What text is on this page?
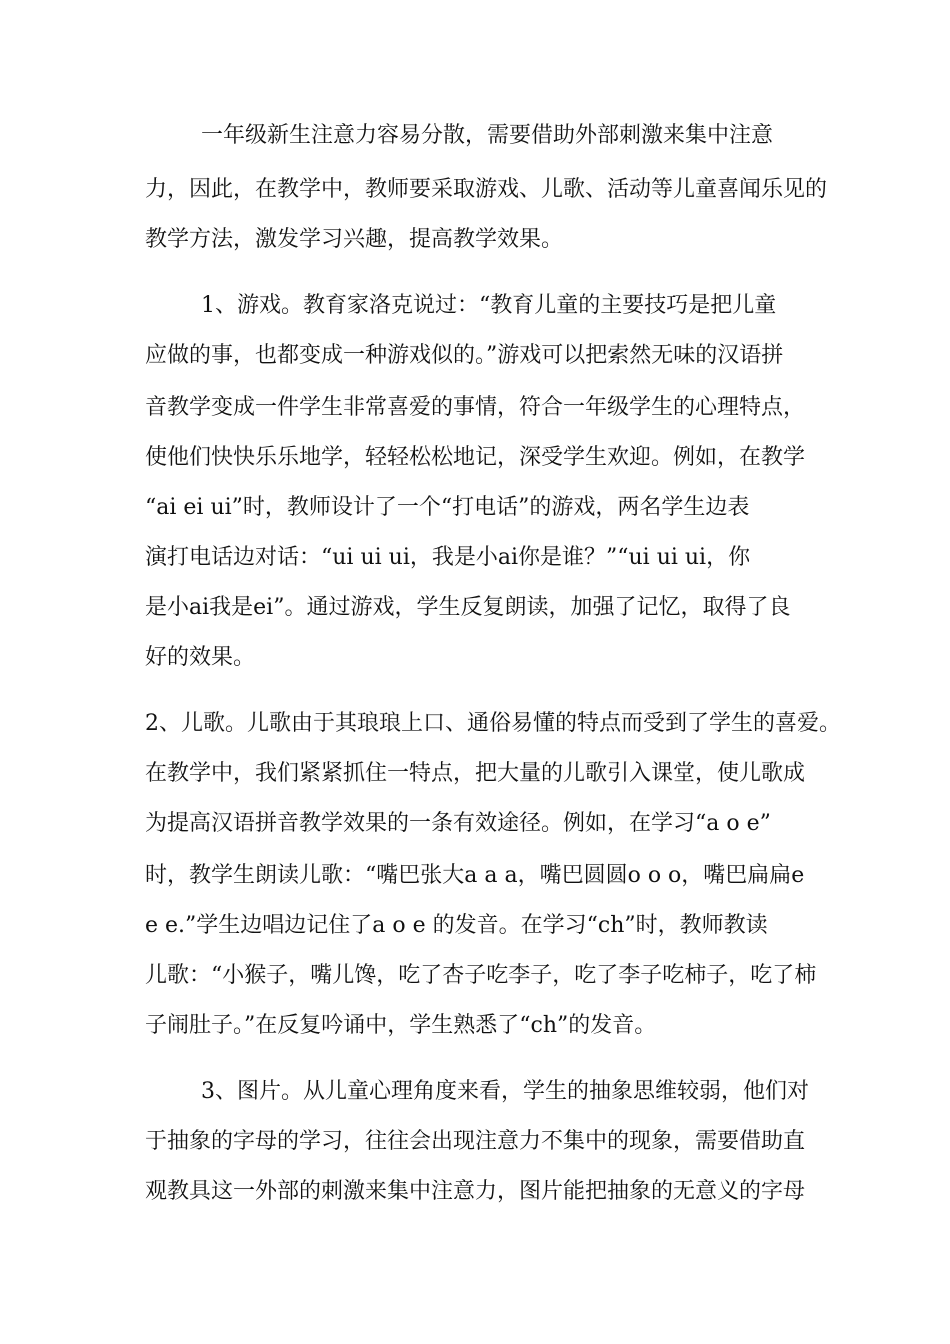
一年级新生注意力容易分散，需要借助外部刺激来集中注意

力，因此，在教学中，教师要采取游戏、儿歌、活动等儿童喜闻乐见的

教学方法，激发学习兴趣，提高教学效果。

1、游戏。教育家洛克说过：“教育儿童的主要技巧是把儿童

应做的事，也都变成一种游戏似的。”游戏可以把索然无味的汉语拼

音教学变成一件学生非常喜爱的事情，符合一年级学生的心理特点，

使他们快快乐乐地学，轻轻松松地记，深受学生欢迎。例如，在教学

“ai ei ui”时，教师设计了一个“打电话”的游戏，两名学生边表

演打电话边对话：“ui ui ui，我是小ai你是谁？”“ui ui ui，你

是小ai我是ei”。通过游戏，学生反复朗读，加强了记忆，取得了良

好的效果。

2、儿歌。儿歌由于其琅琅上口、通俗易懂的特点而受到了学生的喜爱。

在教学中，我们紧紧抓住一特点，把大量的儿歌引入课堂，使儿歌成

为提高汉语拼音教学效果的一条有效途径。例如，在学习“a o e”

时，教学生朗读儿歌：“嘴巴张大a a a，嘴巴圆圆o o o，嘴巴扁扁e

e e.”学生边唱边记住了a o e 的发音。在学习“ch”时，教师教读

儿歌：“小猴子，嘴儿馋，吃了杏子吃李子，吃了李子吃柿子，吃了柿

子闹肚子。”在反复吟诵中，学生熟悉了“ch”的发音。

3、图片。从儿童心理角度来看，学生的抽象思维较弱，他们对

于抽象的字母的学习，往往会出现注意力不集中的现象，需要借助直

观教具这一外部的刺激来集中注意力，图片能把抽象的无意义的字母
